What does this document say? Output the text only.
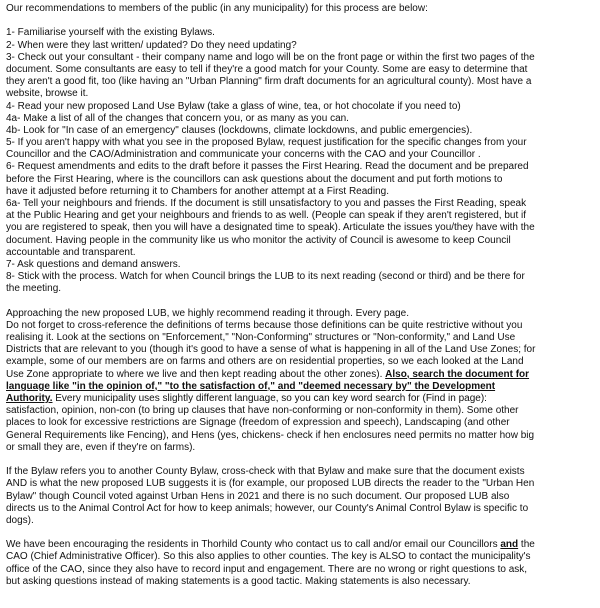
Our recommendations to members of the public (in any municipality) for this process are below:
1- Familiarise yourself with the existing Bylaws.
2- When were they last written/ updated? Do they need updating?
3- Check out your consultant - their company name and logo will be on the front page or within the first two pages of the
document. Some consultants are easy to tell if they're a good match for your County. Some are easy to determine that
they aren't a good fit, too (like having an "Urban Planning" firm draft documents for an agricultural county). Most have a
website, browse it.
4- Read your new proposed Land Use Bylaw (take a glass of wine, tea, or hot chocolate if you need to)
4a- Make a list of all of the changes that concern you, or as many as you can.
4b- Look for "In case of an emergency" clauses (lockdowns, climate lockdowns, and public emergencies).
5- If you aren't happy with what you see in the proposed Bylaw, request justification for the specific changes from your
Councillor and the CAO/Administration and communicate your concerns with the CAO and your Councillor .
6- Request amendments and edits to the draft before it passes the First Hearing. Read the document and be prepared
before the First Hearing, where is the councillors can ask questions about the document and put forth motions to
have it adjusted before returning it to Chambers for another attempt at a First Reading.
6a- Tell your neighbours and friends. If the document is still unsatisfactory to you and passes the First Reading, speak
at the Public Hearing and get your neighbours and friends to as well. (People can speak if they aren't registered, but if
you are registered to speak, then you will have a designated time to speak). Articulate the issues you/they have with the
document. Having people in the community like us who monitor the activity of Council is awesome to keep Council
accountable and transparent.
7- Ask questions and demand answers.
8- Stick with the process. Watch for when Council brings the LUB to its next reading (second or third) and be there for
the meeting.
Approaching the new proposed LUB, we highly recommend reading it through. Every page.
Do not forget to cross-reference the definitions of terms because those definitions can be quite restrictive without you
realising it. Look at the sections on "Enforcement," "Non-Conforming" structures or "Non-conformity," and Land Use
Districts that are relevant to you (though it's good to have a sense of what is happening in all of the Land Use Zones; for
example, some of our members are on farms and others are on residential properties, so we each looked at the Land
Use Zone appropriate to where we live and then kept reading about the other zones). Also, search the document for
language like "in the opinion of," "to the satisfaction of," and "deemed necessary by" the Development
Authority. Every municipality uses slightly different language, so you can key word search for (Find in page):
satisfaction, opinion, non-con (to bring up clauses that have non-conforming or non-conformity in them). Some other
places to look for excessive restrictions are Signage (freedom of expression and speech), Landscaping (and other
General Requirements like Fencing), and Hens (yes, chickens- check if hen enclosures need permits no matter how big
or small they are, even if they're on farms).
If the Bylaw refers you to another County Bylaw, cross-check with that Bylaw and make sure that the document exists
AND is what the new proposed LUB suggests it is (for example, our proposed LUB directs the reader to the "Urban Hen
Bylaw" though Council voted against Urban Hens in 2021 and there is no such document. Our proposed LUB also
directs us to the Animal Control Act for how to keep animals; however, our County's Animal Control Bylaw is specific to
dogs).
We have been encouraging the residents in Thorhild County who contact us to call and/or email our Councillors and the
CAO (Chief Administrative Officer). So this also applies to other counties. The key is ALSO to contact the municipality's
office of the CAO, since they also have to record input and engagement. There are no wrong or right questions to ask,
but asking questions instead of making statements is a good tactic. Making statements is also necessary.
